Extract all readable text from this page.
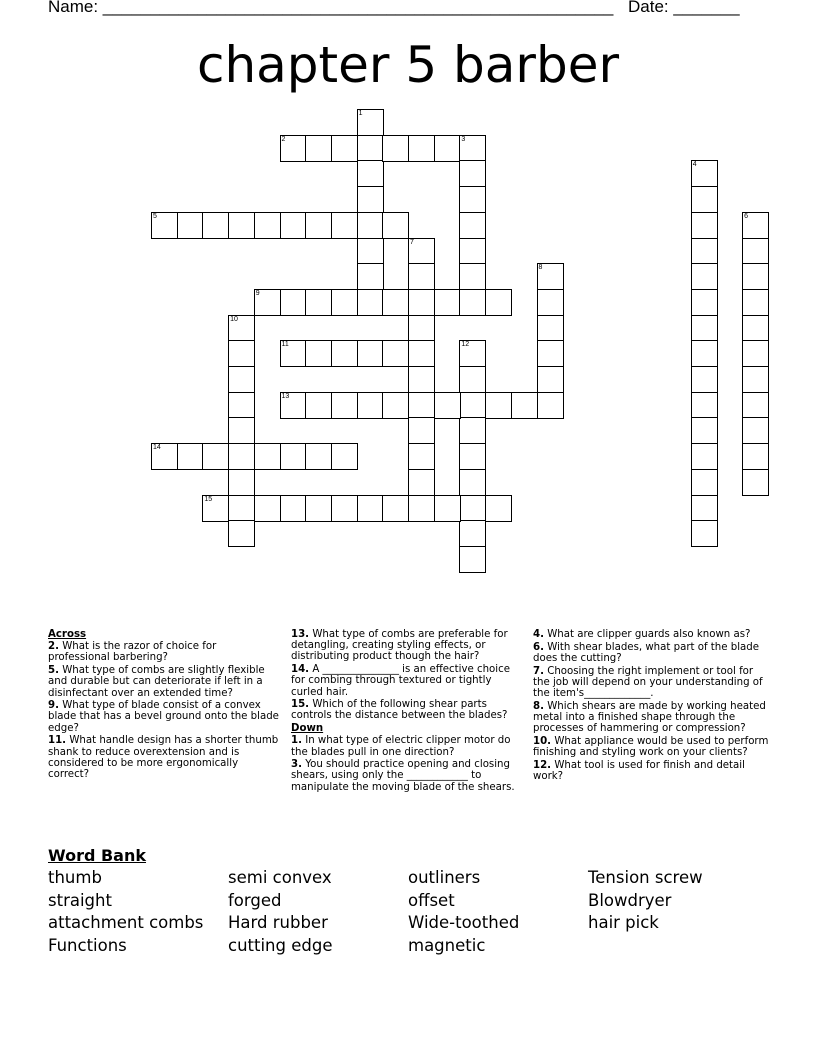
Name: ______________________________________________________ Date: _______
chapter 5 barber
1
2	3
4
5	6
7
8
9
10
11	12
13
14
15
Across
2. What is the razor of choice for professional barbering?
5. What type of combs are slightly flexible and durable but can deteriorate if left in a disinfectant over an extended time?
9. What type of blade consist of a convex blade that has a bevel ground onto the blade edge?
11. What handle design has a shorter thumb shank to reduce overextension and is considered to be more ergonomically correct?
13. What type of combs are preferable for detangling, creating styling effects, or distributing product though the hair?
14. A _______________ is an effective choice for combing through textured or tightly curled hair.
15. Which of the following shear parts controls the distance between the blades?
Down
1. In what type of electric clipper motor do the blades pull in one direction?
3. You should practice opening and closing shears, using only the ____________ to manipulate the moving blade of the shears.
4. What are clipper guards also known as?
6. With shear blades, what part of the blade does the cutting?
7. Choosing the right implement or tool for the job will depend on your understanding of the item's_____________.
8. Which shears are made by working heated metal into a finished shape through the processes of hammering or compression?
10. What appliance would be used to perform finishing and styling work on your clients?
12. What tool is used for finish and detail work?
Word Bank
thumb
straight
attachment combs
Functions
semi convex
forged
Hard rubber
cutting edge
outliners
offset
Wide-toothed
magnetic
Tension screw
Blowdryer
hair pick
